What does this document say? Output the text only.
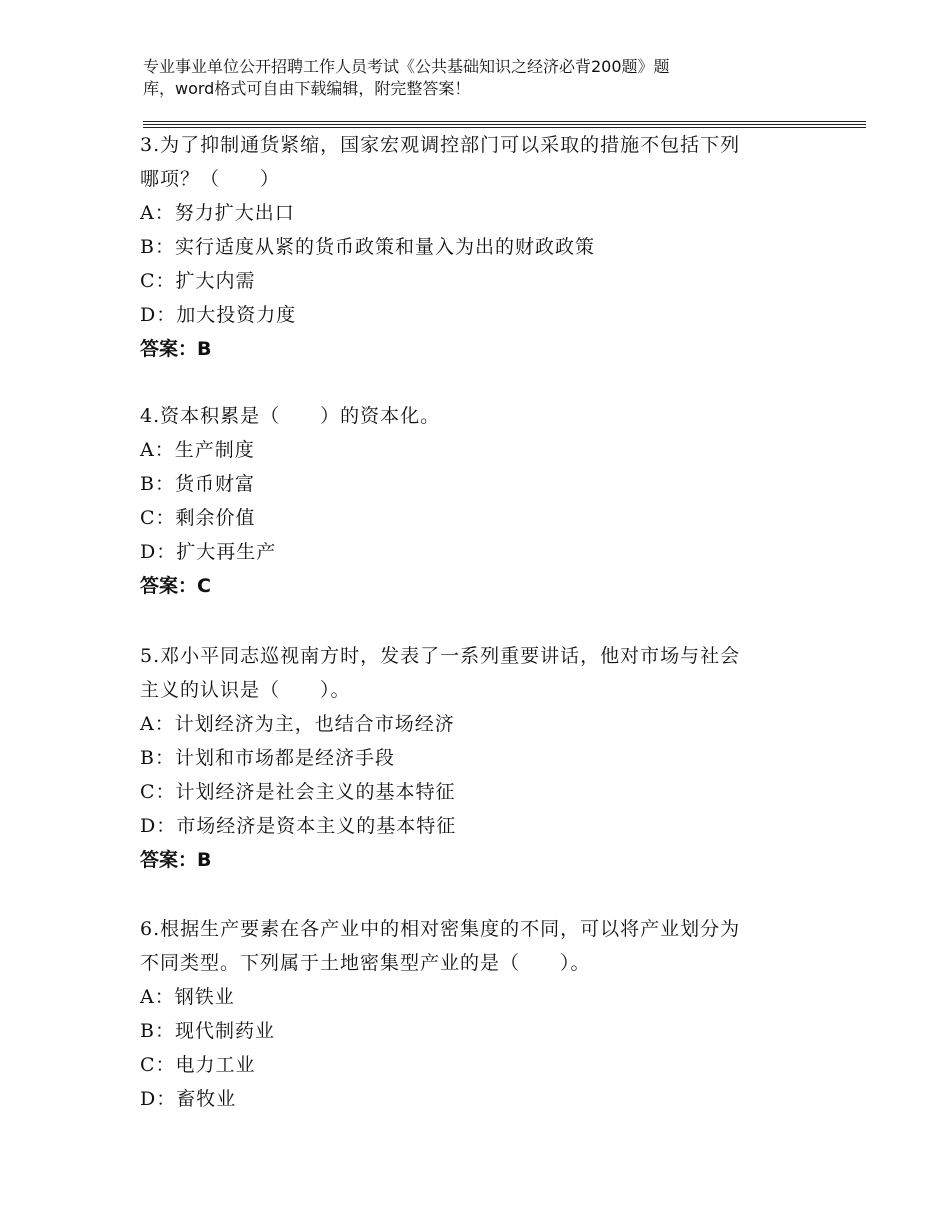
专业事业单位公开招聘工作人员考试《公共基础知识之经济必背200题》题
库，word格式可自由下载编辑，附完整答案！
3.为了抑制通货紧缩，国家宏观调控部门可以采取的措施不包括下列
哪项？（　　）
A：努力扩大出口
B：实行适度从紧的货币政策和量入为出的财政政策
C：扩大内需
D：加大投资力度
答案：B
4.资本积累是（　　）的资本化。
A：生产制度
B：货币财富
C：剩余价值
D：扩大再生产
答案：C
5.邓小平同志巡视南方时，发表了一系列重要讲话，他对市场与社会
主义的认识是（　　）。
A：计划经济为主，也结合市场经济
B：计划和市场都是经济手段
C：计划经济是社会主义的基本特征
D：市场经济是资本主义的基本特征
答案：B
6.根据生产要素在各产业中的相对密集度的不同，可以将产业划分为
不同类型。下列属于土地密集型产业的是（　　）。
A：钢铁业
B：现代制药业
C：电力工业
D：畜牧业
